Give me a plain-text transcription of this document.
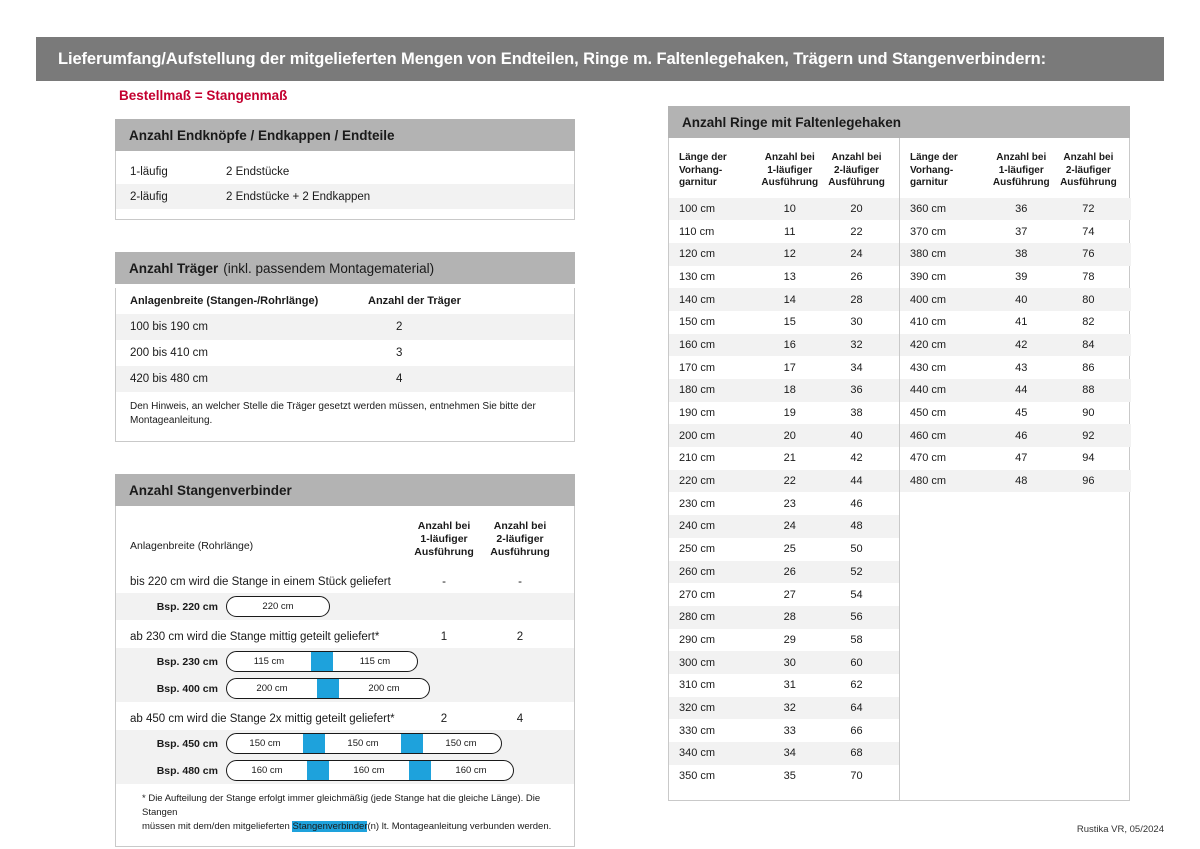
Lieferumfang/Aufstellung der mitgelieferten Mengen von Endteilen, Ringe m. Faltenlegehaken, Trägern und Stangenverbindern:
Bestellmaß = Stangenmaß
Anzahl Endknöpfe / Endkappen / Endteile
1-läufig	2 Endstücke
2-läufig	2 Endstücke + 2 Endkappen
Anzahl Träger (inkl. passendem Montagematerial)
Anlagenbreite (Stangen-/Rohrlänge)	Anzahl der Träger
100 bis 190 cm	2
200 bis 410 cm	3
420 bis 480 cm	4
Den Hinweis, an welcher Stelle die Träger gesetzt werden müssen, entnehmen Sie bitte der Montageanleitung.
Anzahl Stangenverbinder
Anlagenbreite (Rohrlänge)
Anzahl bei
1-läufiger
Ausführung
Anzahl bei
2-läufiger
Ausführung
bis 220 cm wird die Stange in einem Stück geliefert	-	-
Bsp. 220 cm	220 cm
ab 230 cm wird die Stange mittig geteilt geliefert*	1	2
Bsp. 230 cm	115 cm	115 cm
Bsp. 400 cm	200 cm	200 cm
ab 450 cm wird die Stange 2x mittig geteilt geliefert*	2	4
Bsp. 450 cm	150 cm	150 cm	150 cm
Bsp. 480 cm	160 cm	160 cm	160 cm
* Die Aufteilung der Stange erfolgt immer gleichmäßig (jede Stange hat die gleiche Länge). Die Stangen
müssen mit dem/den mitgelieferten Stangenverbinder(n) lt. Montageanleitung verbunden werden.
Anzahl Ringe mit Faltenlegehaken
Länge der
Vorhang-
garnitur
Anzahl bei
1-läufiger
Ausführung
Anzahl bei
2-läufiger
Ausführung
100 cm	10	20
110 cm	11	22
120 cm	12	24
130 cm	13	26
140 cm	14	28
150 cm	15	30
160 cm	16	32
170 cm	17	34
180 cm	18	36
190 cm	19	38
200 cm	20	40
210 cm	21	42
220 cm	22	44
230 cm	23	46
240 cm	24	48
250 cm	25	50
260 cm	26	52
270 cm	27	54
280 cm	28	56
290 cm	29	58
300 cm	30	60
310 cm	31	62
320 cm	32	64
330 cm	33	66
340 cm	34	68
350 cm	35	70
Länge der
Vorhang-
garnitur
Anzahl bei
1-läufiger
Ausführung
Anzahl bei
2-läufiger
Ausführung
360 cm	36	72
370 cm	37	74
380 cm	38	76
390 cm	39	78
400 cm	40	80
410 cm	41	82
420 cm	42	84
430 cm	43	86
440 cm	44	88
450 cm	45	90
460 cm	46	92
470 cm	47	94
480 cm	48	96
Rustika VR, 05/2024
